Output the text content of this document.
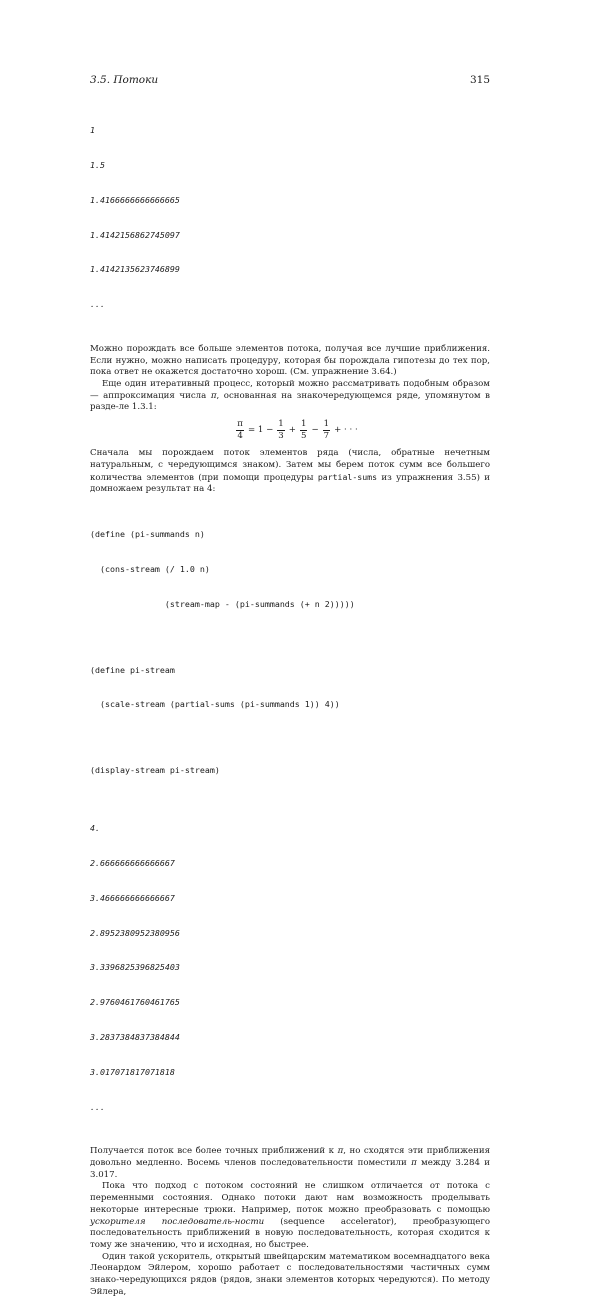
3.5. Потоки	315

1

1.5

1.4166666666666665

1.4142156862745097

1.4142135623746899

...

Можно порождать все больше элементов потока, получая все лучшие приближения. Если нужно, можно написать процедуру, которая бы порождала гипотезы до тех пор, пока ответ не окажется достаточно хорош. (См. упражнение 3.64.)

Еще один итеративный процесс, который можно рассматривать подобным образом — аппроксимация числа π, основанная на знакочередующемся ряде, упомянутом в разде-ле 1.3.1:

$\frac{\pi}{4} = 1 - \frac{1}{3} + \frac{1}{5} - \frac{1}{7}$ + · · ·

Сначала мы порождаем поток элементов ряда (числа, обратные нечетным натуральным, с чередующимся знаком). Затем мы берем поток сумм все большего количества элементов (при помощи процедуры partial-sums из упражнения 3.55) и домножаем результат на 4:

(define (pi-summands n)

(cons-stream (/ 1.0 n)

(stream-map - (pi-summands (+ n 2)))))

(define pi-stream

(scale-stream (partial-sums (pi-summands 1)) 4))

(display-stream pi-stream)

4.

2.666666666666667

3.466666666666667

2.8952380952380956

3.3396825396825403

2.9760461760461765

3.2837384837384844

3.017071817071818

...

Получается поток все более точных приближений к π, но сходятся эти приближения довольно медленно. Восемь членов последовательности поместили π между 3.284 и 3.017.

Пока что подход с потоком состояний не слишком отличается от потока с переменными состояния. Однако потоки дают нам возможность проделывать некоторые интересные трюки. Например, поток можно преобразовать с помощью ускорителя последователь-ности (sequence accelerator), преобразующего последовательность приближений в новую последовательность, которая сходится к тому же значению, что и исходная, но быстрее.

Один такой ускоритель, открытый швейцарским математиком восемнадцатого века Леонардом Эйлером, хорошо работает с последовательностями частичных сумм знако-чередующихся рядов (рядов, знаки элементов которых чередуются). По методу Эйлера,
